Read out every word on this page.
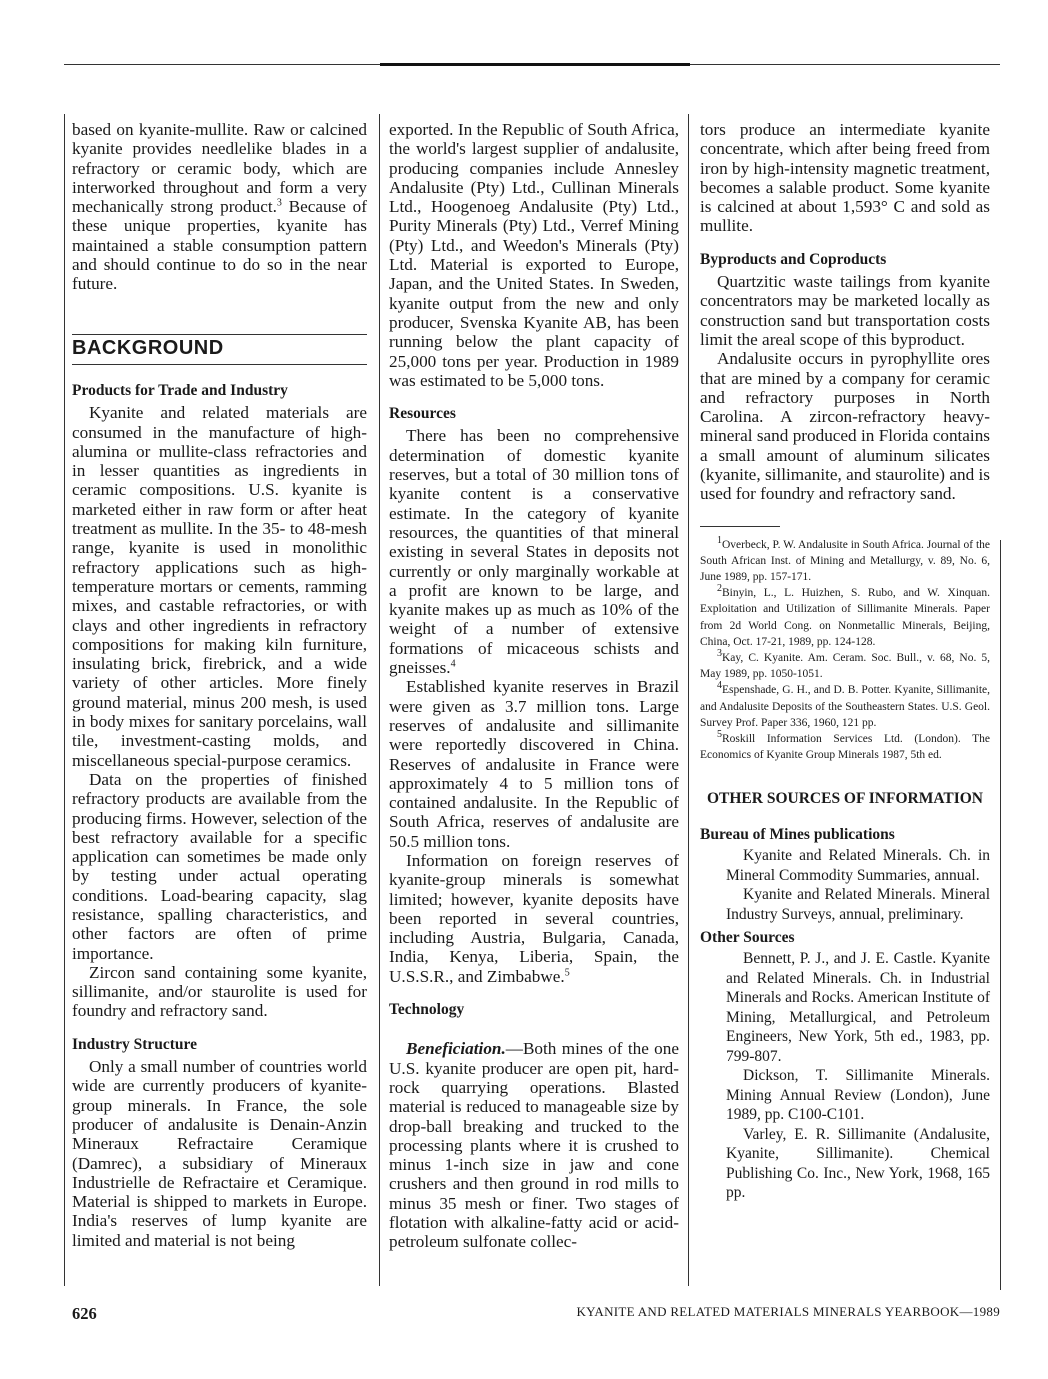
based on kyanite-mullite. Raw or calcined kyanite provides needlelike blades in a refractory or ceramic body, which are interworked throughout and form a very mechanically strong product.$^3$ Because of these unique properties, kyanite has maintained a stable consumption pattern and should continue to do so in the near future.

BACKGROUND
Products for Trade and Industry

Kyanite and related materials are consumed in the manufacture of high-alumina or mullite-class refractories and in lesser quantities as ingredients in ceramic compositions. U.S. kyanite is marketed either in raw form or after heat treatment as mullite. In the 35- to 48-mesh range, kyanite is used in monolithic refractory applications such as high-temperature mortars or cements, ramming mixes, and castable refractories, or with clays and other ingredients in refractory compositions for making kiln furniture, insulating brick, firebrick, and a wide variety of other articles. More finely ground material, minus 200 mesh, is used in body mixes for sanitary porcelains, wall tile, investment-casting molds, and miscellaneous special-purpose ceramics.

Data on the properties of finished refractory products are available from the producing firms. However, selection of the best refractory available for a specific application can sometimes be made only by testing under actual operating conditions. Load-bearing capacity, slag resistance, spalling characteristics, and other factors are often of prime importance.

Zircon sand containing some kyanite, sillimanite, and/or staurolite is used for foundry and refractory sand.

Industry Structure

Only a small number of countries world wide are currently producers of kyanite-group minerals. In France, the sole producer of andalusite is Denain-Anzin Mineraux Refractaire Ceramique (Damrec), a subsidiary of Mineraux Industrielle de Refractaire et Ceramique. Material is shipped to markets in Europe. India's reserves of lump kyanite are limited and material is not being

exported. In the Republic of South Africa, the world's largest supplier of andalusite, producing companies include Annesley Andalusite (Pty) Ltd., Cullinan Minerals Ltd., Hoogenoeg Andalusite (Pty) Ltd., Purity Minerals (Pty) Ltd., Verref Mining (Pty) Ltd., and Weedon's Minerals (Pty) Ltd. Material is exported to Europe, Japan, and the United States. In Sweden, kyanite output from the new and only producer, Svenska Kyanite AB, has been running below the plant capacity of 25,000 tons per year. Production in 1989 was estimated to be 5,000 tons.

Resources

There has been no comprehensive determination of domestic kyanite reserves, but a total of 30 million tons of kyanite content is a conservative estimate. In the category of kyanite resources, the quantities of that mineral existing in several States in deposits not currently or only marginally workable at a profit are known to be large, and kyanite makes up as much as 10% of the weight of a number of extensive formations of micaceous schists and gneisses.$^4$

Established kyanite reserves in Brazil were given as 3.7 million tons. Large reserves of andalusite and sillimanite were reportedly discovered in China. Reserves of andalusite in France were approximately 4 to 5 million tons of contained andalusite. In the Republic of South Africa, reserves of andalusite are 50.5 million tons.

Information on foreign reserves of kyanite-group minerals is somewhat limited; however, kyanite deposits have been reported in several countries, including Austria, Bulgaria, Canada, India, Kenya, Liberia, Spain, the U.S.S.R., and Zimbabwe.$^5$

Technology

Beneficiation.—Both mines of the one U.S. kyanite producer are open pit, hard-rock quarrying operations. Blasted material is reduced to manageable size by drop-ball breaking and trucked to the processing plants where it is crushed to minus 1-inch size in jaw and cone crushers and then ground in rod mills to minus 35 mesh or finer. Two stages of flotation with alkaline-fatty acid or acid-petroleum sulfonate collec-

tors produce an intermediate kyanite concentrate, which after being freed from iron by high-intensity magnetic treatment, becomes a salable product. Some kyanite is calcined at about 1,593° C and sold as mullite.

Byproducts and Coproducts

Quartzitic waste tailings from kyanite concentrators may be marketed locally as construction sand but transportation costs limit the areal scope of this byproduct.

Andalusite occurs in pyrophyllite ores that are mined by a company for ceramic and refractory purposes in North Carolina. A zircon-refractory heavy-mineral sand produced in Florida contains a small amount of aluminum silicates (kyanite, sillimanite, and staurolite) and is used for foundry and refractory sand.

$^1$Overbeck, P. W. Andalusite in South Africa. Journal of the South African Inst. of Mining and Metallurgy, v. 89, No. 6, June 1989, pp. 157-171.

$^2$Binyin, L., L. Huizhen, S. Rubo, and W. Xinquan. Exploitation and Utilization of Sillimanite Minerals. Paper from 2d World Cong. on Nonmetallic Minerals, Beijing, China, Oct. 17-21, 1989, pp. 124-128.

$^3$Kay, C. Kyanite. Am. Ceram. Soc. Bull., v. 68, No. 5, May 1989, pp. 1050-1051.

$^4$Espenshade, G. H., and D. B. Potter. Kyanite, Sillimanite, and Andalusite Deposits of the Southeastern States. U.S. Geol. Survey Prof. Paper 336, 1960, 121 pp.

$^5$Roskill Information Services Ltd. (London). The Economics of Kyanite Group Minerals 1987, 5th ed.

OTHER SOURCES OF INFORMATION
Bureau of Mines publications

Kyanite and Related Minerals. Ch. in Mineral Commodity Summaries, annual.

Kyanite and Related Minerals. Mineral Industry Surveys, annual, preliminary.

Other Sources

Bennett, P. J., and J. E. Castle. Kyanite and Related Minerals. Ch. in Industrial Minerals and Rocks. American Institute of Mining, Metallurgical, and Petroleum Engineers, New York, 5th ed., 1983, pp. 799-807.

Dickson, T. Sillimanite Minerals. Mining Annual Review (London), June 1989, pp. C100-C101.

Varley, E. R. Sillimanite (Andalusite, Kyanite, Sillimanite). Chemical Publishing Co. Inc., New York, 1968, 165 pp.

626	KYANITE AND RELATED MATERIALS MINERALS YEARBOOK—1989
